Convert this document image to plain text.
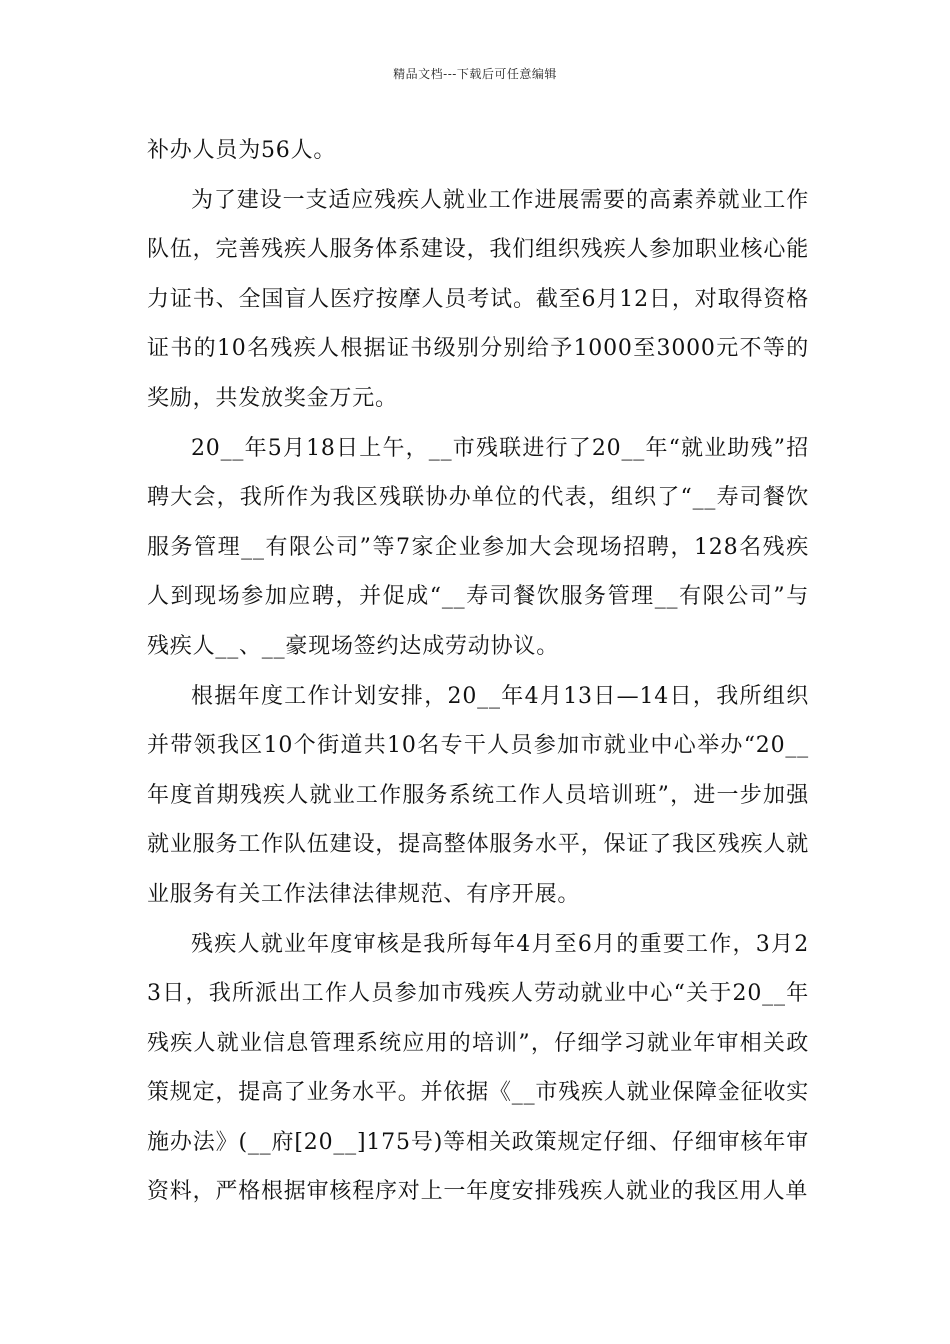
精品文档---下载后可任意编辑

补办人员为56人。

为了建设一支适应残疾人就业工作进展需要的高素养就业工作队伍，完善残疾人服务体系建设，我们组织残疾人参加职业核心能力证书、全国盲人医疗按摩人员考试。截至6月12日，对取得资格证书的10名残疾人根据证书级别分别给予1000至3000元不等的奖励，共发放奖金万元。

20__年5月18日上午，__市残联进行了20__年“就业助残”招聘大会，我所作为我区残联协办单位的代表，组织了“__寿司餐饮服务管理__有限公司”等7家企业参加大会现场招聘，128名残疾人到现场参加应聘，并促成“__寿司餐饮服务管理__有限公司”与残疾人__、__豪现场签约达成劳动协议。

根据年度工作计划安排，20__年4月13日—14日，我所组织并带领我区10个街道共10名专干人员参加市就业中心举办“20__年度首期残疾人就业工作服务系统工作人员培训班”，进一步加强就业服务工作队伍建设，提高整体服务水平，保证了我区残疾人就业服务有关工作法律法律规范、有序开展。

残疾人就业年度审核是我所每年4月至6月的重要工作，3月23日，我所派出工作人员参加市残疾人劳动就业中心“关于20__年残疾人就业信息管理系统应用的培训”，仔细学习就业年审相关政策规定，提高了业务水平。并依据《__市残疾人就业保障金征收实施办法》(__府[20__]175号)等相关政策规定仔细、仔细审核年审资料，严格根据审核程序对上一年度安排残疾人就业的我区用人单
